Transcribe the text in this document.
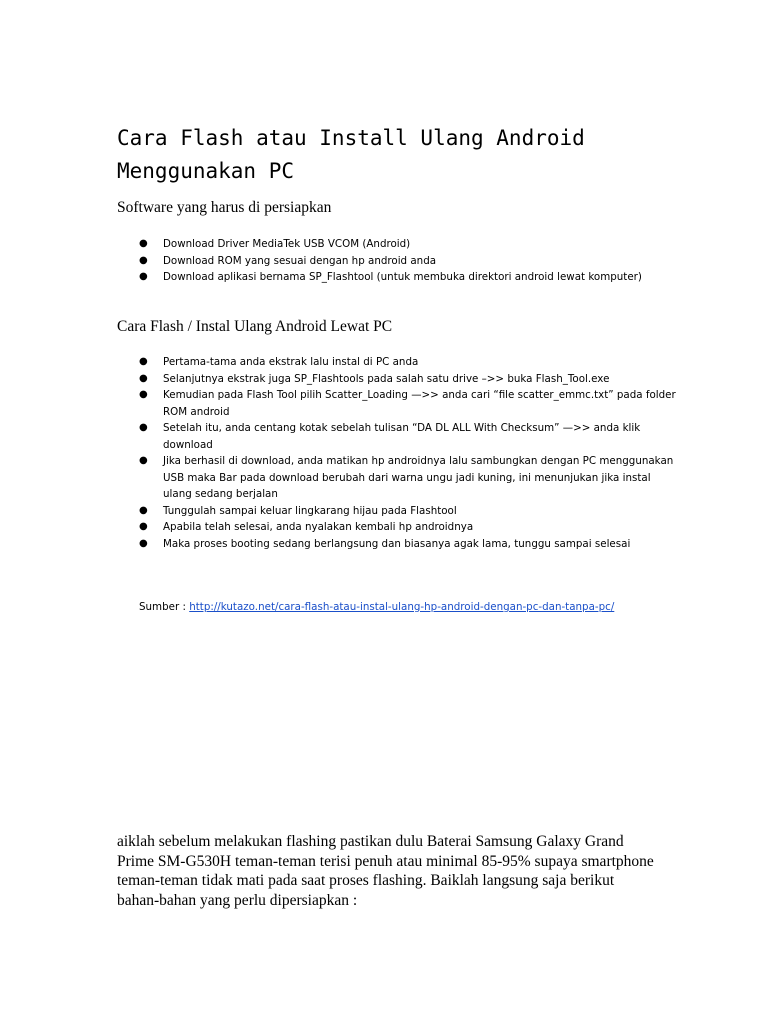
Cara Flash atau Install Ulang Android
Menggunakan PC

Software yang harus di persiapkan

● Download Driver MediaTek USB VCOM (Android)
● Download ROM yang sesuai dengan hp android anda
● Download aplikasi bernama SP_Flashtool (untuk membuka direktori android lewat komputer)

Cara Flash / Instal Ulang Android Lewat PC

● Pertama-tama anda ekstrak lalu instal di PC anda
● Selanjutnya ekstrak juga SP_Flashtools pada salah satu drive –>> buka Flash_Tool.exe
● Kemudian pada Flash Tool pilih Scatter_Loading —>> anda cari “file scatter_emmc.txt” pada folder ROM android
● Setelah itu, anda centang kotak sebelah tulisan “DA DL ALL With Checksum” —>> anda klik download
● Jika berhasil di download, anda matikan hp androidnya lalu sambungkan dengan PC menggunakan USB maka Bar pada download berubah dari warna ungu jadi kuning, ini menunjukan jika instal ulang sedang berjalan
● Tunggulah sampai keluar lingkarang hijau pada Flashtool
● Apabila telah selesai, anda nyalakan kembali hp androidnya
● Maka proses booting sedang berlangsung dan biasanya agak lama, tunggu sampai selesai
Sumber : http://kutazo.net/cara-flash-atau-instal-ulang-hp-android-dengan-pc-dan-tanpa-pc/

aiklah sebelum melakukan flashing pastikan dulu Baterai Samsung Galaxy Grand Prime SM-G530H teman-teman terisi penuh atau minimal 85-95% supaya smartphone teman-teman tidak mati pada saat proses flashing. Baiklah langsung saja berikut bahan-bahan yang perlu dipersiapkan :
